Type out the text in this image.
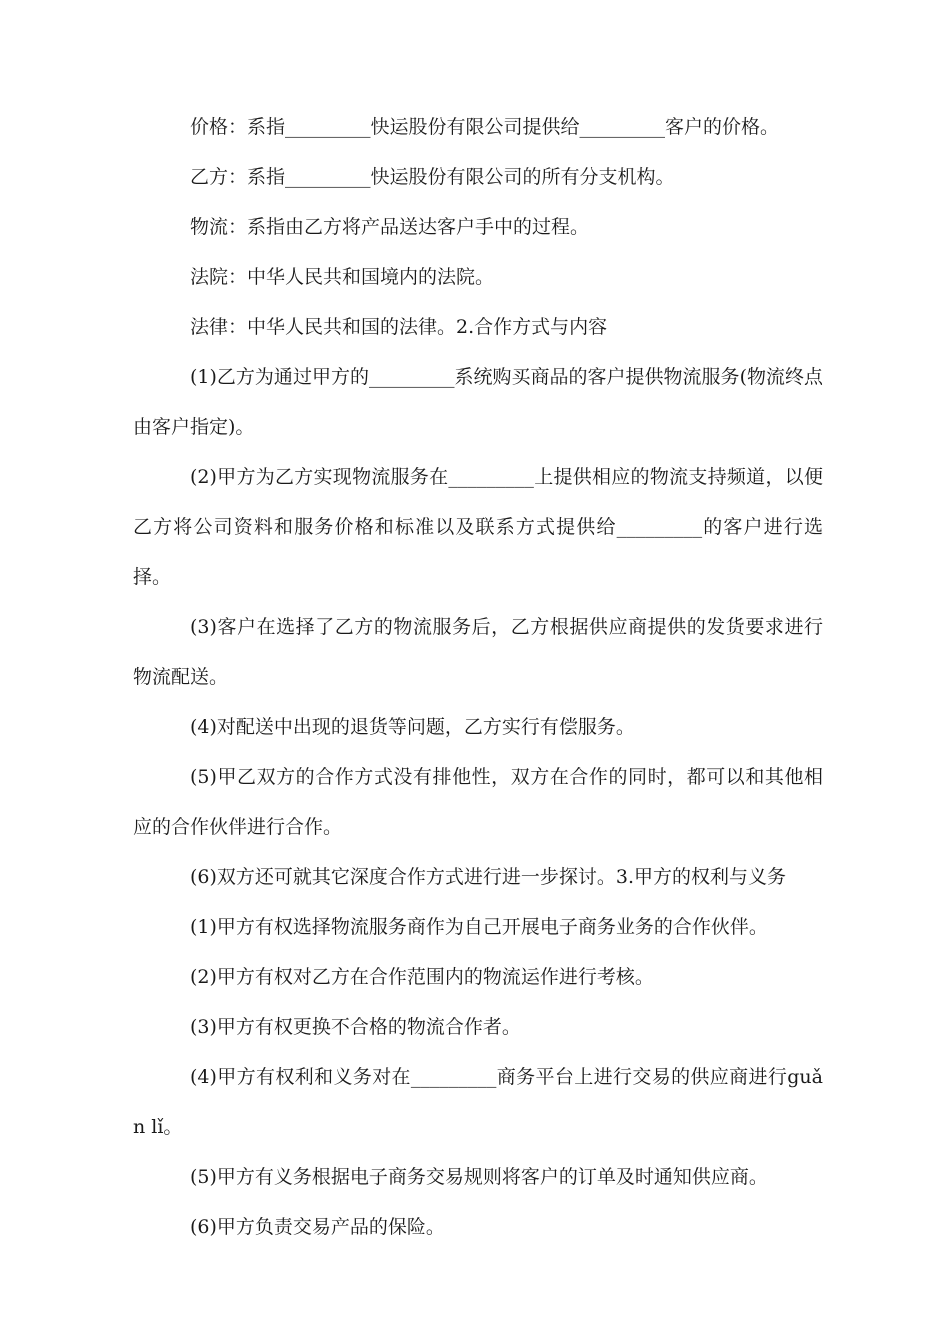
价格：系指_________快运股份有限公司提供给_________客户的价格。

乙方：系指_________快运股份有限公司的所有分支机构。

物流：系指由乙方将产品送达客户手中的过程。

法院：中华人民共和国境内的法院。

法律：中华人民共和国的法律。2.合作方式与内容

(1)乙方为通过甲方的_________系统购买商品的客户提供物流服务(物流终点由客户指定)。

(2)甲方为乙方实现物流服务在_________上提供相应的物流支持频道，以便乙方将公司资料和服务价格和标准以及联系方式提供给_________的客户进行选择。

(3)客户在选择了乙方的物流服务后，乙方根据供应商提供的发货要求进行物流配送。

(4)对配送中出现的退货等问题，乙方实行有偿服务。

(5)甲乙双方的合作方式没有排他性，双方在合作的同时，都可以和其他相应的合作伙伴进行合作。

(6)双方还可就其它深度合作方式进行进一步探讨。3.甲方的权利与义务

(1)甲方有权选择物流服务商作为自己开展电子商务业务的合作伙伴。

(2)甲方有权对乙方在合作范围内的物流运作进行考核。

(3)甲方有权更换不合格的物流合作者。

(4)甲方有权利和义务对在_________商务平台上进行交易的供应商进行guǎn lǐ。

(5)甲方有义务根据电子商务交易规则将客户的订单及时通知供应商。

(6)甲方负责交易产品的保险。
